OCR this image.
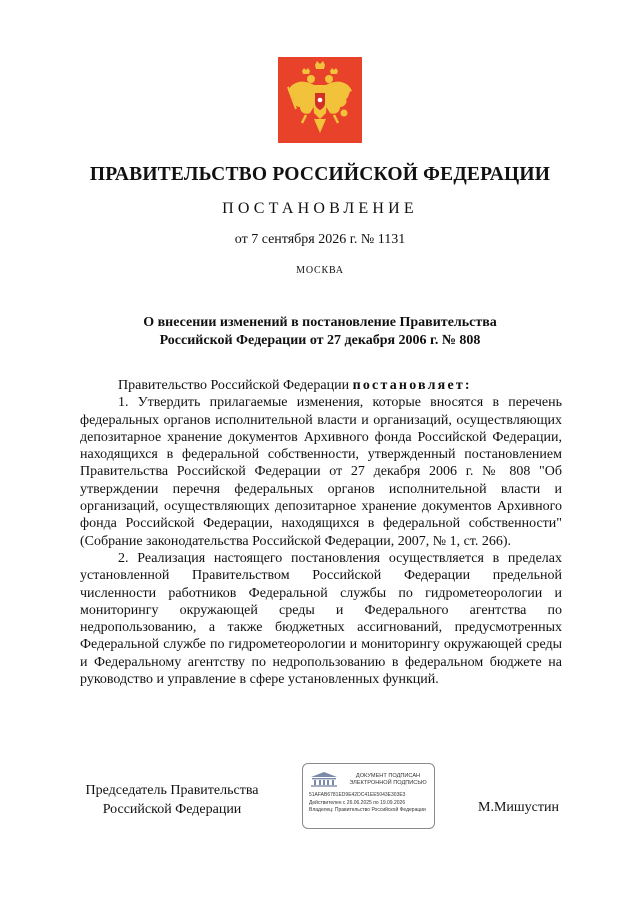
ПРАВИТЕЛЬСТВО РОССИЙСКОЙ ФЕДЕРАЦИИ
ПОСТАНОВЛЕНИЕ
от 7 сентября 2026 г. № 1131
МОСКВА
О внесении изменений в постановление Правительства
Российской Федерации от 27 декабря 2006 г. № 808

Правительство Российской Федерации постановляет:

1. Утвердить прилагаемые изменения, которые вносятся в перечень федеральных органов исполнительной власти и организаций, осуществляющих депозитарное хранение документов Архивного фонда Российской Федерации, находящихся в федеральной собственности, утвержденный постановлением Правительства Российской Федерации от 27 декабря 2006 г. № 808 "Об утверждении перечня федеральных органов исполнительной власти и организаций, осуществляющих депозитарное хранение документов Архивного фонда Российской Федерации, находящихся в федеральной собственности" (Собрание законодательства Российской Федерации, 2007, № 1, ст. 266).

2. Реализация настоящего постановления осуществляется в пределах установленной Правительством Российской Федерации предельной численности работников Федеральной службы по гидрометеорологии и мониторингу окружающей среды и Федерального агентства по недропользованию, а также бюджетных ассигнований, предусмотренных Федеральной службе по гидрометеорологии и мониторингу окружающей среды и Федеральному агентству по недропользованию в федеральном бюджете на руководство и управление в сфере установленных функций.

Председатель Правительства
Российской Федерации
ДОКУМЕНТ ПОДПИСАН
ЭЛЕКТРОННОЙ ПОДПИСЬЮ
51AFAB6781ED9E42DC41EE5043E303E3
Действителен с 26.06.2025 по 19.09.2026
Владелец: Правительство Российской Федерации	М.Мишустин
